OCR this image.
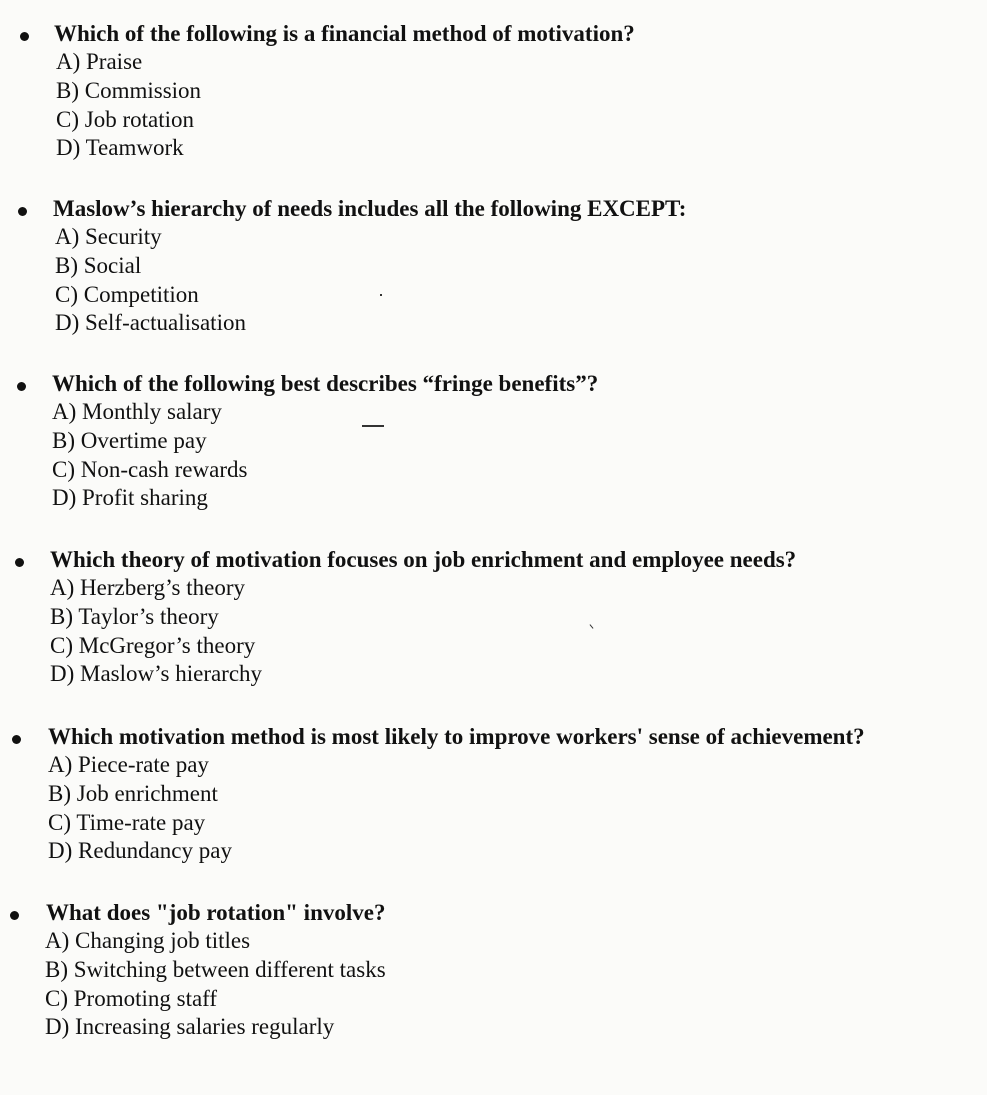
Which of the following is a financial method of motivation?
A) Praise
B) Commission
C) Job rotation
D) Teamwork
Maslow’s hierarchy of needs includes all the following EXCEPT:
A) Security
B) Social
C) Competition
D) Self-actualisation
Which of the following best describes “fringe benefits”?
A) Monthly salary
B) Overtime pay
C) Non-cash rewards
D) Profit sharing
Which theory of motivation focuses on job enrichment and employee needs?
A) Herzberg’s theory
B) Taylor’s theory
C) McGregor’s theory
D) Maslow’s hierarchy
Which motivation method is most likely to improve workers' sense of achievement?
A) Piece-rate pay
B) Job enrichment
C) Time-rate pay
D) Redundancy pay
What does "job rotation" involve?
A) Changing job titles
B) Switching between different tasks
C) Promoting staff
D) Increasing salaries regularly
